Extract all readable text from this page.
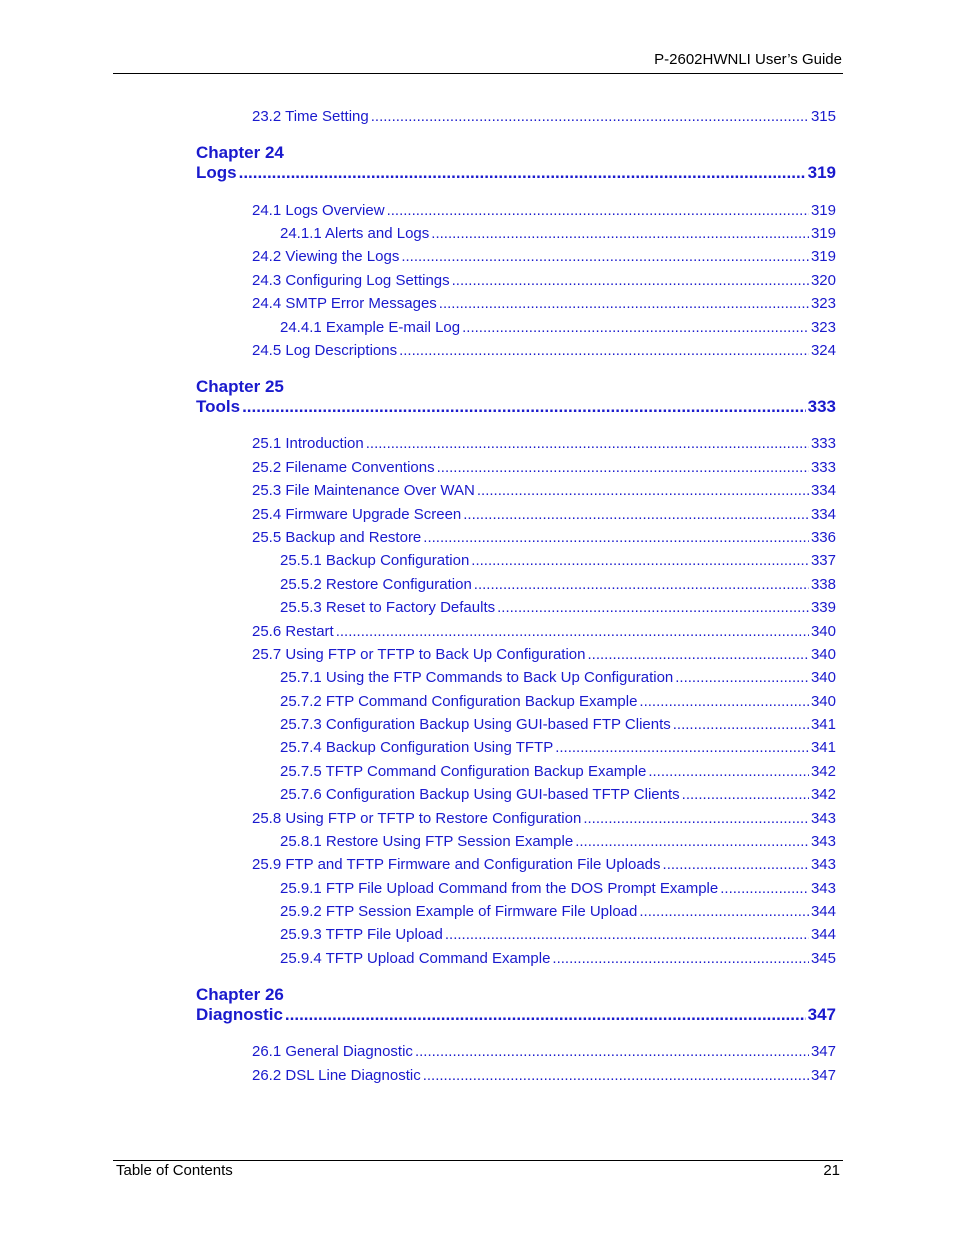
P-2602HWNLI User’s Guide
23.2 Time Setting .....	315
Chapter 24
Logs .....	319
24.1 Logs Overview .....	319
24.1.1 Alerts and Logs .....	319
24.2 Viewing the Logs .....	319
24.3 Configuring Log Settings .....	320
24.4 SMTP Error Messages .....	323
24.4.1 Example E-mail Log .....	323
24.5 Log Descriptions .....	324
Chapter 25
Tools .....	333
25.1 Introduction .....	333
25.2 Filename Conventions .....	333
25.3 File Maintenance Over WAN .....	334
25.4 Firmware Upgrade Screen .....	334
25.5 Backup and Restore .....	336
25.5.1 Backup Configuration .....	337
25.5.2 Restore Configuration .....	338
25.5.3 Reset to Factory Defaults .....	339
25.6 Restart .....	340
25.7 Using FTP or TFTP to Back Up Configuration .....	340
25.7.1 Using the FTP Commands to Back Up Configuration .....	340
25.7.2 FTP Command Configuration Backup Example .....	340
25.7.3 Configuration Backup Using GUI-based FTP Clients .....	341
25.7.4 Backup Configuration Using TFTP .....	341
25.7.5 TFTP Command Configuration Backup Example .....	342
25.7.6 Configuration Backup Using GUI-based TFTP Clients .....	342
25.8 Using FTP or TFTP to Restore Configuration .....	343
25.8.1 Restore Using FTP Session Example .....	343
25.9 FTP and TFTP Firmware and Configuration File Uploads .....	343
25.9.1 FTP File Upload Command from the DOS Prompt Example .....	343
25.9.2 FTP Session Example of Firmware File Upload .....	344
25.9.3 TFTP File Upload .....	344
25.9.4 TFTP Upload Command Example .....	345
Chapter 26
Diagnostic .....	347
26.1 General Diagnostic .....	347
26.2 DSL Line Diagnostic .....	347
Table of Contents	21
